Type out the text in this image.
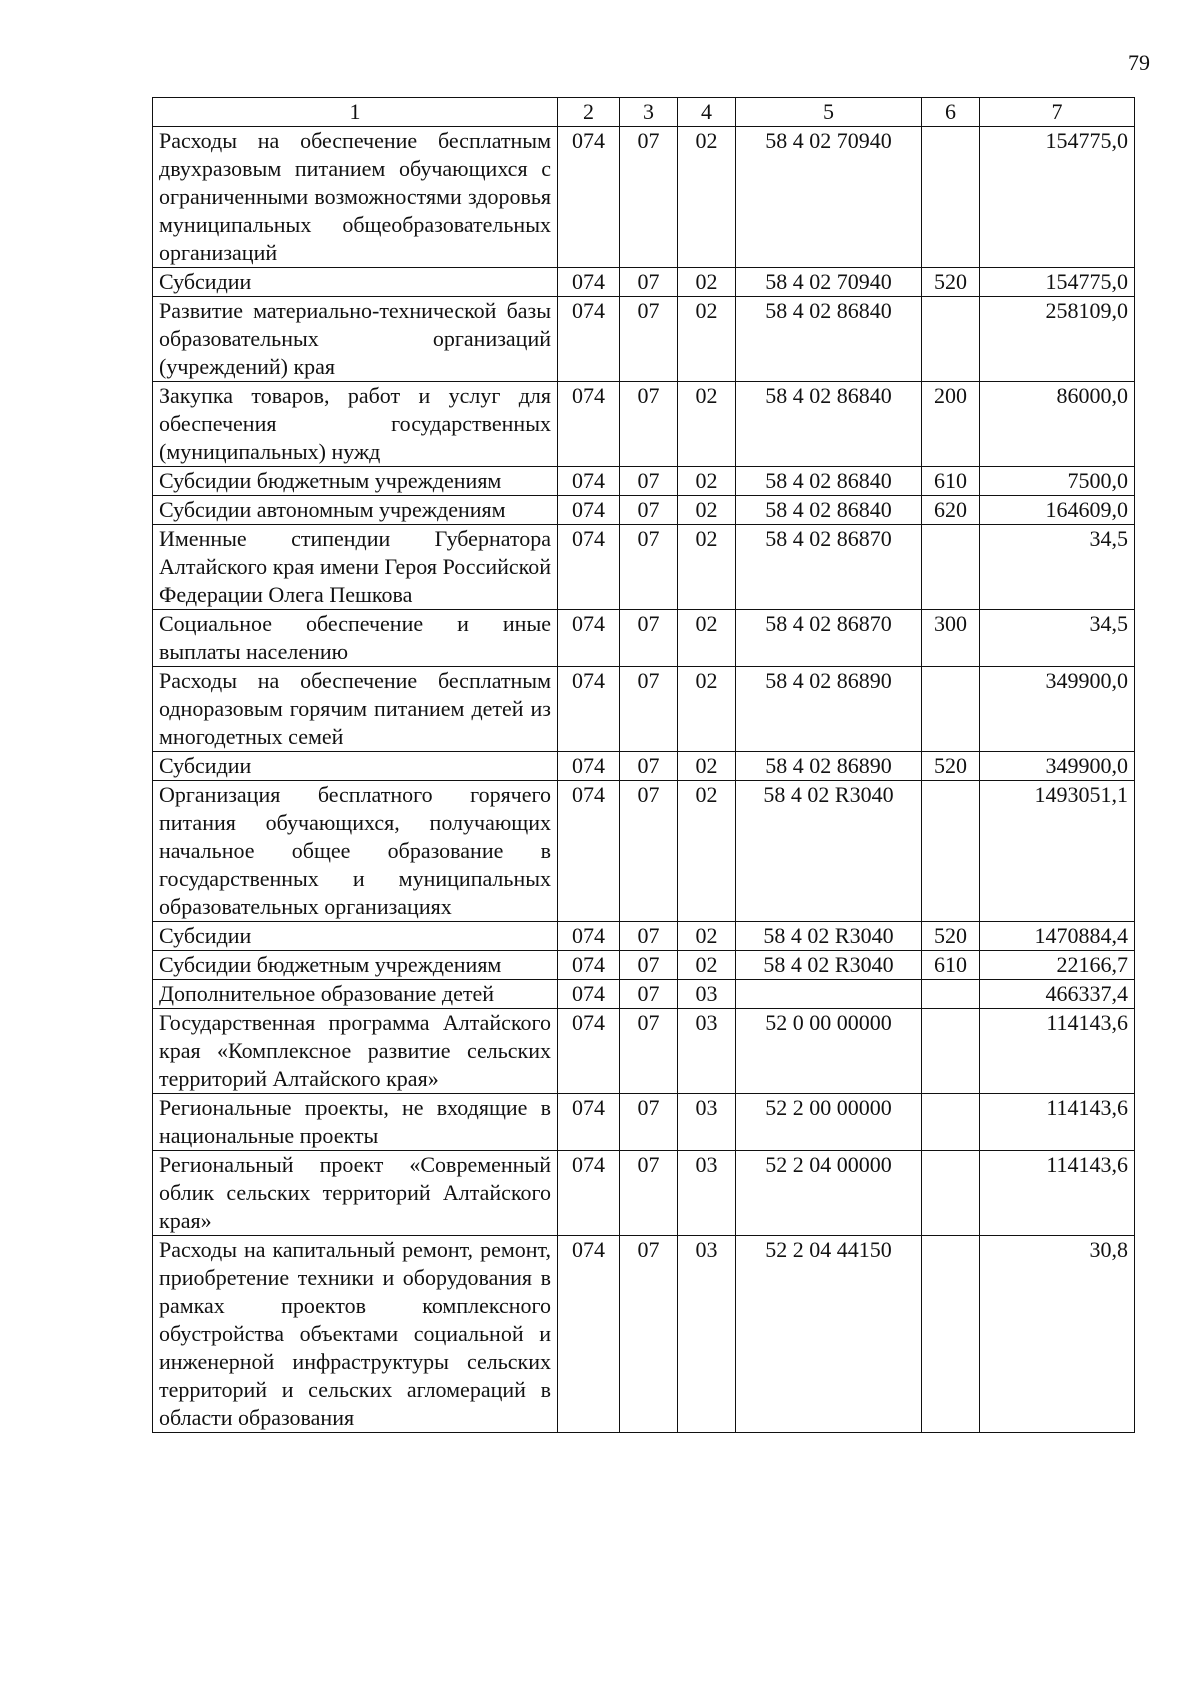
79
1	2	3	4	5	6	7
Расходы на обеспечение бесплатным двухразовым питанием обучающихся с ограниченными возможностями здоровья муниципальных общеобразовательных организаций	074	07	02	58 4 02 70940		154775,0
Субсидии	074	07	02	58 4 02 70940	520	154775,0
Развитие материально-технической базы образовательных организаций (учреждений) края	074	07	02	58 4 02 86840		258109,0
Закупка товаров, работ и услуг для обеспечения государственных (муниципальных) нужд	074	07	02	58 4 02 86840	200	86000,0
Субсидии бюджетным учреждениям	074	07	02	58 4 02 86840	610	7500,0
Субсидии автономным учреждениям	074	07	02	58 4 02 86840	620	164609,0
Именные стипендии Губернатора Алтайского края имени Героя Российской Федерации Олега Пешкова	074	07	02	58 4 02 86870		34,5
Социальное обеспечение и иные выплаты населению	074	07	02	58 4 02 86870	300	34,5
Расходы на обеспечение бесплатным одноразовым горячим питанием детей из многодетных семей	074	07	02	58 4 02 86890		349900,0
Субсидии	074	07	02	58 4 02 86890	520	349900,0
Организация бесплатного горячего питания обучающихся, получающих начальное общее образование в государственных и муниципальных образовательных организациях	074	07	02	58 4 02 R3040		1493051,1
Субсидии	074	07	02	58 4 02 R3040	520	1470884,4
Субсидии бюджетным учреждениям	074	07	02	58 4 02 R3040	610	22166,7
Дополнительное образование детей	074	07	03			466337,4
Государственная программа Алтайского края «Комплексное развитие сельских территорий Алтайского края»	074	07	03	52 0 00 00000		114143,6
Региональные проекты, не входящие в национальные проекты	074	07	03	52 2 00 00000		114143,6
Региональный проект «Современный облик сельских территорий Алтайского края»	074	07	03	52 2 04 00000		114143,6
Расходы на капитальный ремонт, ремонт, приобретение техники и оборудования в рамках проектов комплексного обустройства объектами социальной и инженерной инфраструктуры сельских территорий и сельских агломераций в области образования	074	07	03	52 2 04 44150		30,8
